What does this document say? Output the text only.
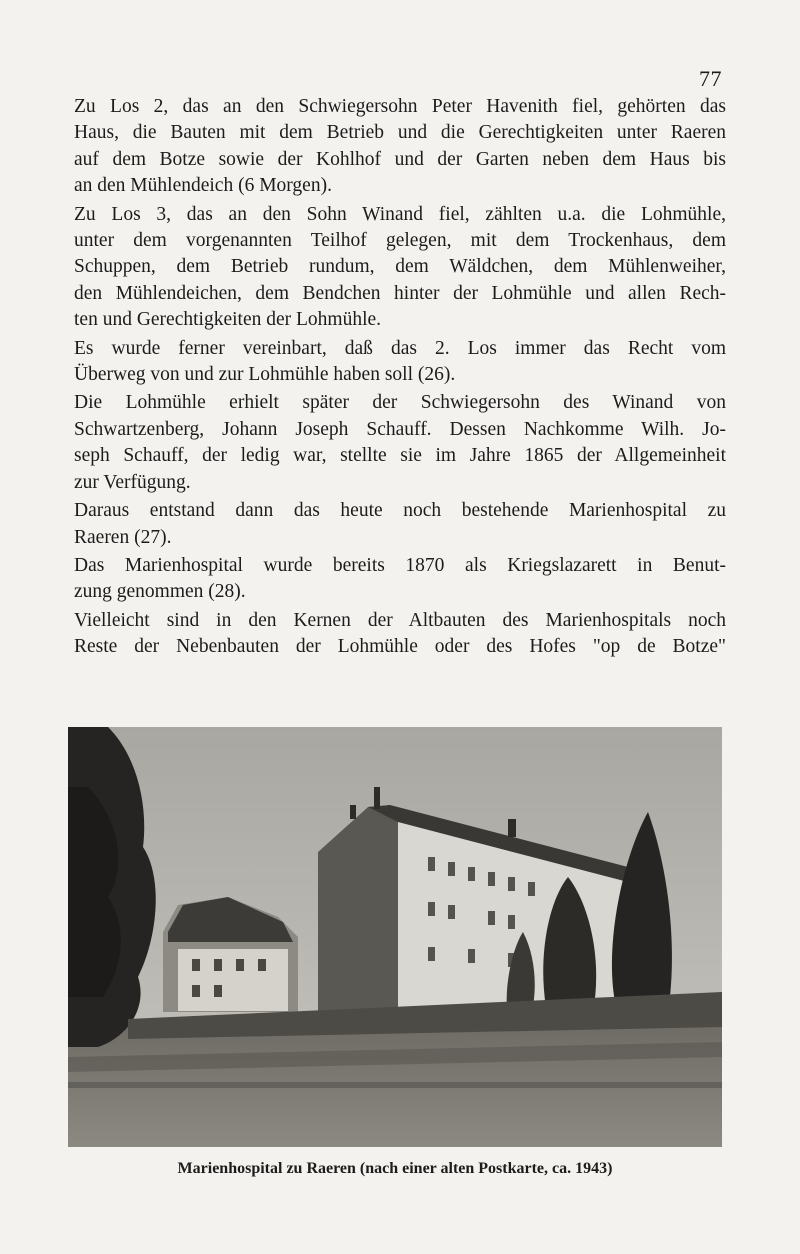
77

Zu Los 2, das an den Schwiegersohn Peter Havenith fiel, gehörten das
Haus, die Bauten mit dem Betrieb und die Gerechtigkeiten unter Raeren
auf dem Botze sowie der Kohlhof und der Garten neben dem Haus bis
an den Mühlendeich (6 Morgen).

Zu Los 3, das an den Sohn Winand fiel, zählten u.a. die Lohmühle,
unter dem vorgenannten Teilhof gelegen, mit dem Trockenhaus, dem
Schuppen, dem Betrieb rundum, dem Wäldchen, dem Mühlenweiher,
den Mühlendeichen, dem Bendchen hinter der Lohmühle und allen Rech-
ten und Gerechtigkeiten der Lohmühle.

Es wurde ferner vereinbart, daß das 2. Los immer das Recht vom
Überweg von und zur Lohmühle haben soll (26).

Die Lohmühle erhielt später der Schwiegersohn des Winand von
Schwartzenberg, Johann Joseph Schauff. Dessen Nachkomme Wilh. Jo-
seph Schauff, der ledig war, stellte sie im Jahre 1865 der Allgemeinheit
zur Verfügung.

Daraus entstand dann das heute noch bestehende Marienhospital zu
Raeren (27).

Das Marienhospital wurde bereits 1870 als Kriegslazarett in Benut-
zung genommen (28).

Vielleicht sind in den Kernen der Altbauten des Marienhospitals noch
Reste der Nebenbauten der Lohmühle oder des Hofes "op de Botze"

Marienhospital zu Raeren (nach einer alten Postkarte, ca. 1943)
